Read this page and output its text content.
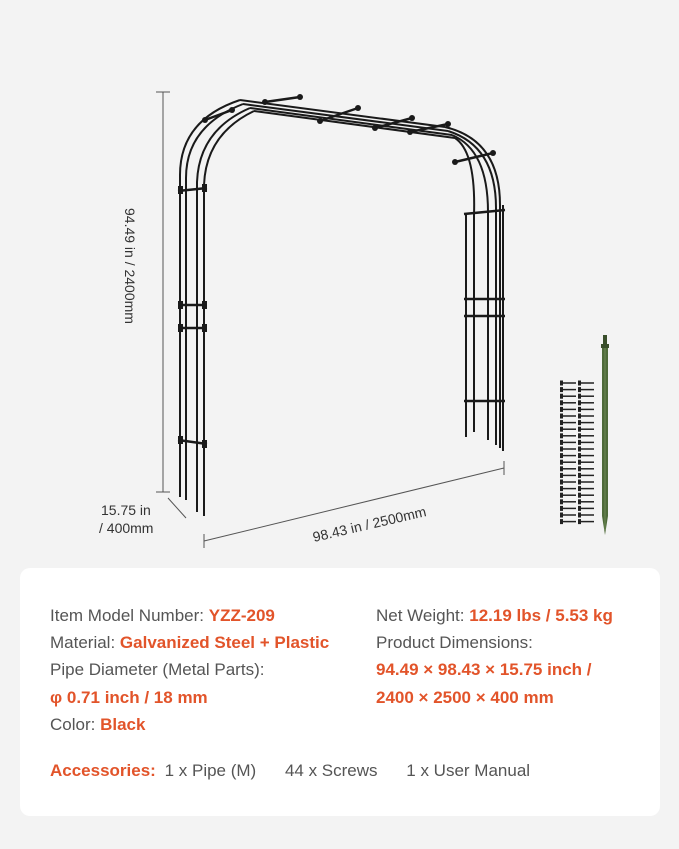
94.49 in / 2400mm
15.75 in
/ 400mm	98.43 in / 2500mm
Item Model Number: YZZ-209
Material: Galvanized Steel + Plastic
Pipe Diameter (Metal Parts):
φ 0.71 inch / 18 mm
Color: Black
Net Weight: 12.19 lbs / 5.53 kg
Product Dimensions:
94.49 × 98.43 × 15.75 inch /
2400 × 2500 × 400 mm
Accessories: 1 x Pipe (M) 44 x Screws 1 x User Manual
